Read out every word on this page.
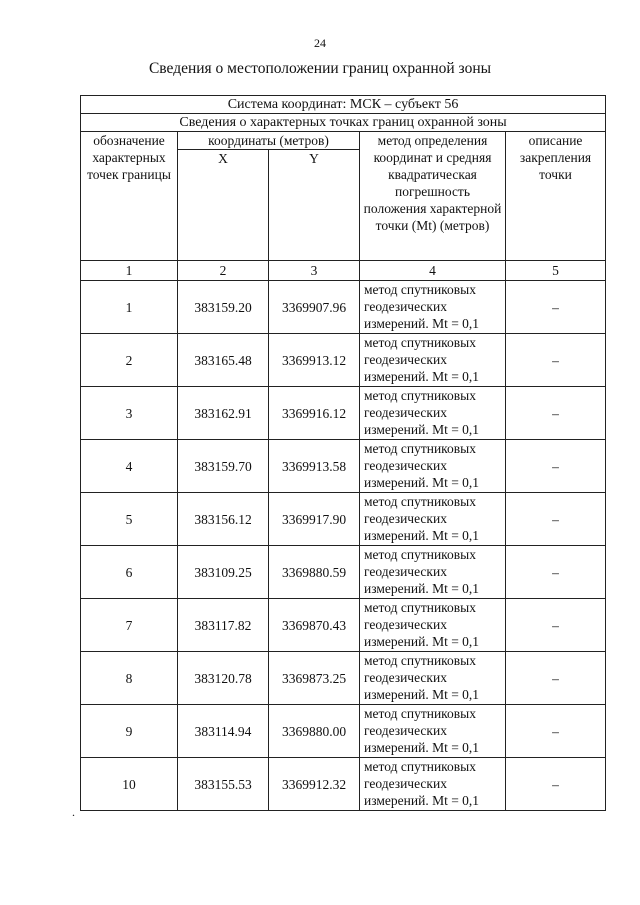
24
Сведения о местоположении границ охранной зоны
Система координат: МСК – субъект 56				
Сведения о характерных точках границ охранной зоны				
обозначение характерных точек границы	координаты (метров)		метод определения координат и средняя квадратическая погрешность положения характерной точки (Мt) (метров)	описание закрепления точки
	X	Y		
1	2	3	4	5
1	383159.20	3369907.96	метод спутниковых геодезических измерений. Мt = 0,1	–
2	383165.48	3369913.12	метод спутниковых геодезических измерений. Мt = 0,1	–
3	383162.91	3369916.12	метод спутниковых геодезических измерений. Мt = 0,1	–
4	383159.70	3369913.58	метод спутниковых геодезических измерений. Мt = 0,1	–
5	383156.12	3369917.90	метод спутниковых геодезических измерений. Мt = 0,1	–
6	383109.25	3369880.59	метод спутниковых геодезических измерений. Мt = 0,1	–
7	383117.82	3369870.43	метод спутниковых геодезических измерений. Мt = 0,1	–
8	383120.78	3369873.25	метод спутниковых геодезических измерений. Мt = 0,1	–
9	383114.94	3369880.00	метод спутниковых геодезических измерений. Мt = 0,1	–
10	383155.53	3369912.32	метод спутниковых геодезических измерений. Мt = 0,1	–
.
